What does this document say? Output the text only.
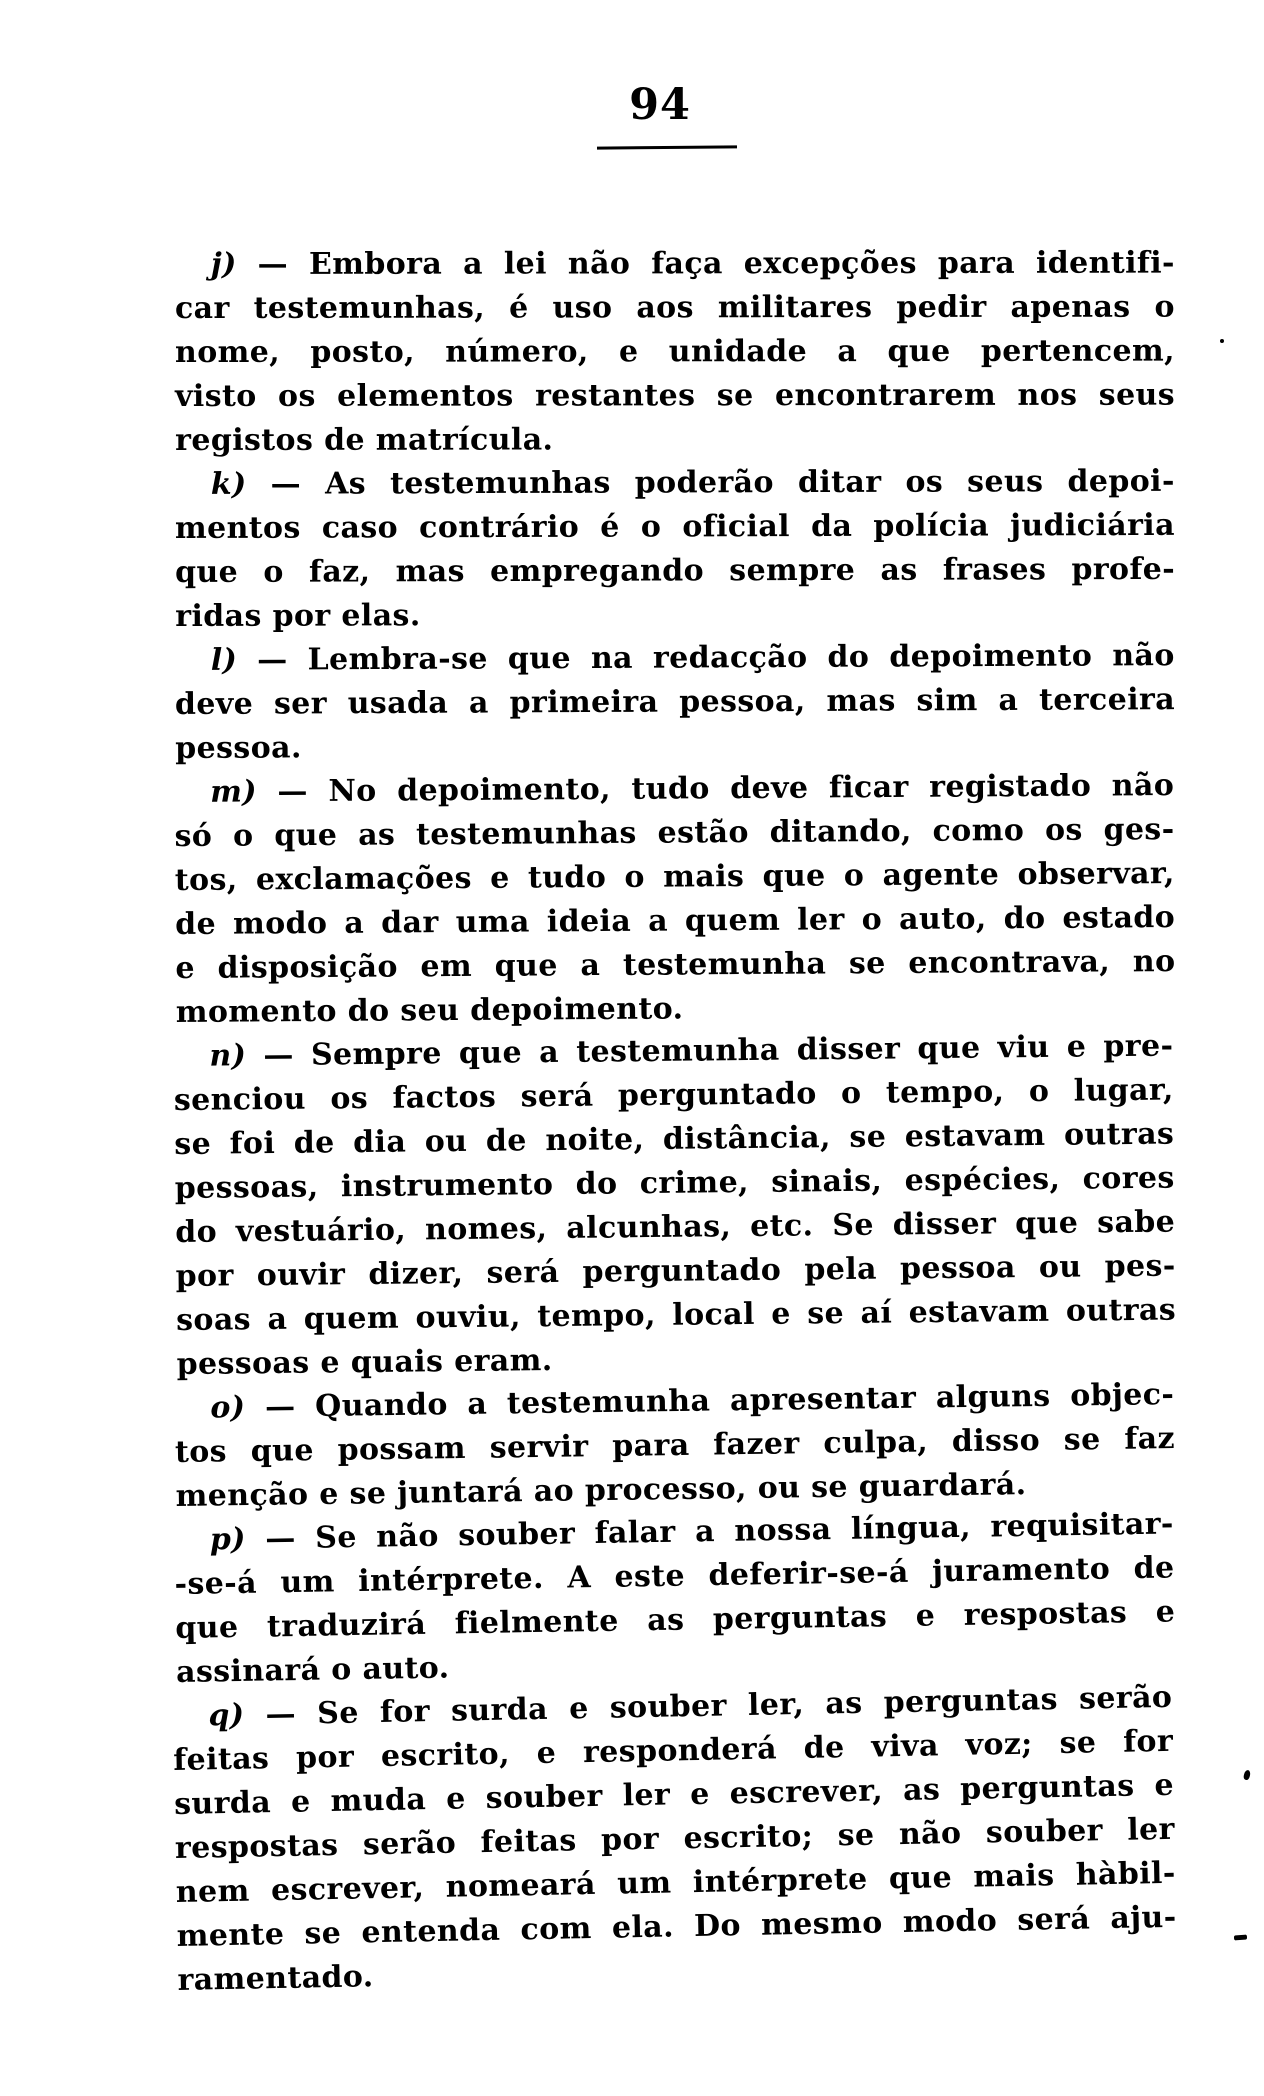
94

j) — Embora a lei não faça excepções para identifi-
car testemunhas, é uso aos militares pedir apenas o
nome, posto, número, e unidade a que pertencem,
visto os elementos restantes se encontrarem nos seus
registos de matrícula.

k) — As testemunhas poderão ditar os seus depoi-
mentos caso contrário é o oficial da polícia judiciária
que o faz, mas empregando sempre as frases profe-
ridas por elas.

l) — Lembra-se que na redacção do depoimento não
deve ser usada a primeira pessoa, mas sim a terceira
pessoa.

m) — No depoimento, tudo deve ficar registado não
só o que as testemunhas estão ditando, como os ges-
tos, exclamações e tudo o mais que o agente observar,
de modo a dar uma ideia a quem ler o auto, do estado
e disposição em que a testemunha se encontrava, no
momento do seu depoimento.

n) — Sempre que a testemunha disser que viu e pre-
senciou os factos será perguntado o tempo, o lugar,
se foi de dia ou de noite, distância, se estavam outras
pessoas, instrumento do crime, sinais, espécies, cores
do vestuário, nomes, alcunhas, etc. Se disser que sabe
por ouvir dizer, será perguntado pela pessoa ou pes-
soas a quem ouviu, tempo, local e se aí estavam outras
pessoas e quais eram.

o) — Quando a testemunha apresentar alguns objec-
tos que possam servir para fazer culpa, disso se faz
menção e se juntará ao processo, ou se guardará.

p) — Se não souber falar a nossa língua, requisitar-
-se-á um intérprete. A este deferir-se-á juramento de
que traduzirá fielmente as perguntas e respostas e
assinará o auto.

q) — Se for surda e souber ler, as perguntas serão
feitas por escrito, e responderá de viva voz; se for
surda e muda e souber ler e escrever, as perguntas e
respostas serão feitas por escrito; se não souber ler
nem escrever, nomeará um intérprete que mais hàbil-
mente se entenda com ela. Do mesmo modo será aju-
ramentado.
